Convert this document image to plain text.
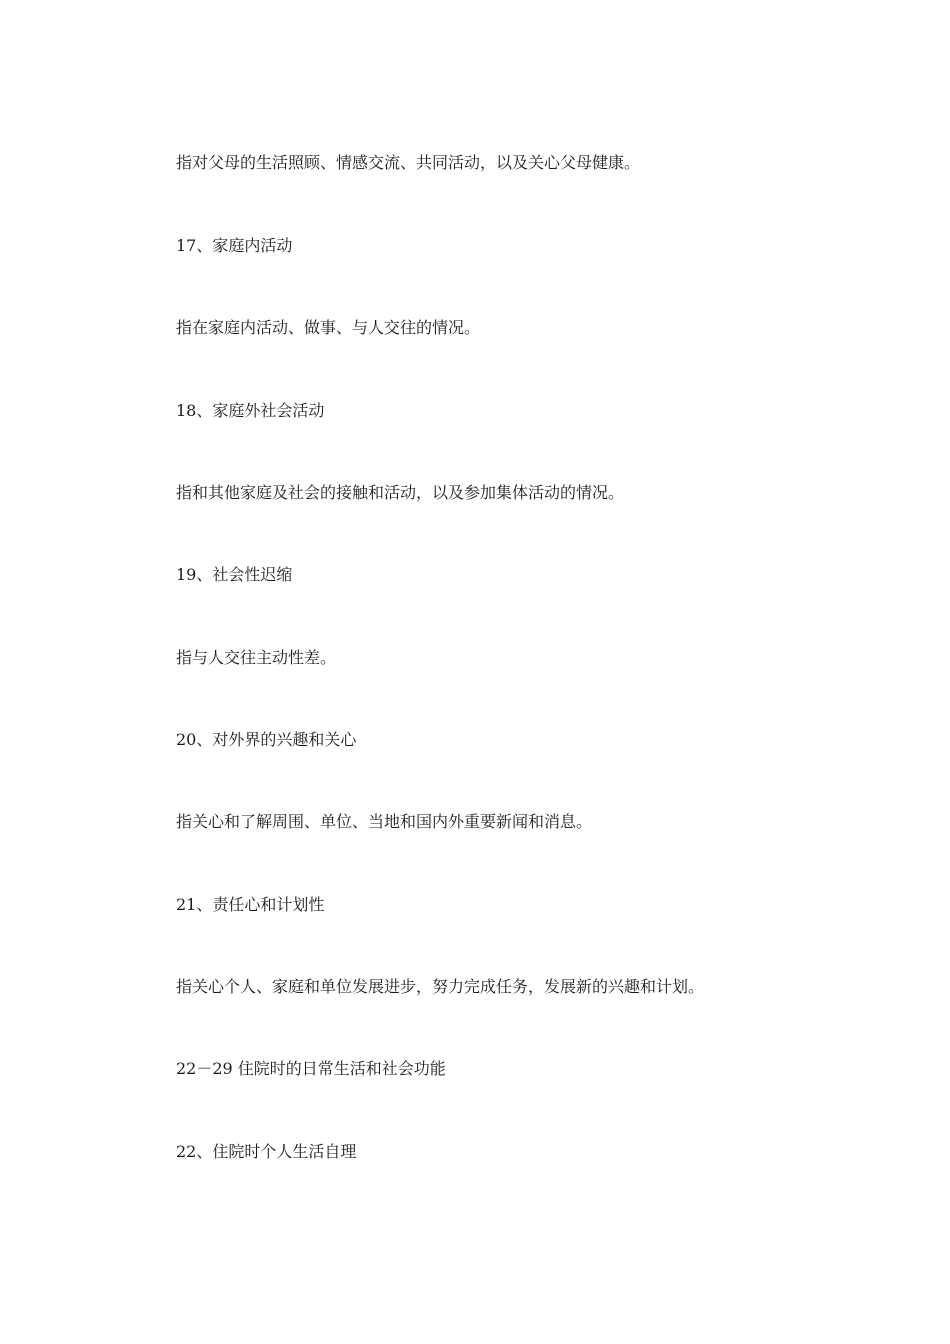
指对父母的生活照顾、情感交流、共同活动，以及关心父母健康。

17、家庭内活动

指在家庭内活动、做事、与人交往的情况。

18、家庭外社会活动

指和其他家庭及社会的接触和活动，以及参加集体活动的情况。

19、社会性迟缩

指与人交往主动性差。

20、对外界的兴趣和关心

指关心和了解周围、单位、当地和国内外重要新闻和消息。

21、责任心和计划性

指关心个人、家庭和单位发展进步，努力完成任务，发展新的兴趣和计划。

22－29 住院时的日常生活和社会功能

22、住院时个人生活自理
